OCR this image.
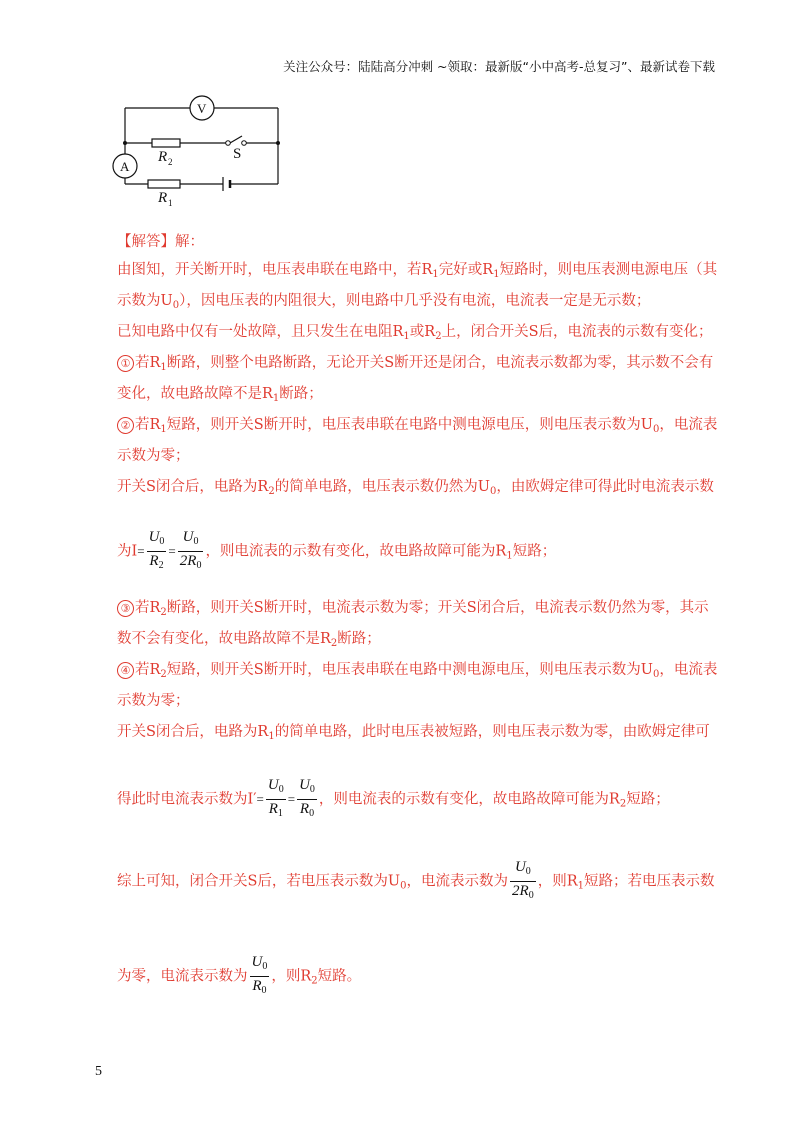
关注公众号：陆陆高分冲刺 ~领取：最新版“小中高考-总复习”、最新试卷下载
V
A
S
R 2
R 1
【解答】解：
由图知，开关断开时，电压表串联在电路中，若$R_1$完好或$R_1$短路时，则电压表测电源电压（其
示数为$U_0$），因电压表的内阻很大，则电路中几乎没有电流，电流表一定是无示数；
已知电路中仅有一处故障，且只发生在电阻$R_1$或$R_2$上，闭合开关S后，电流表的示数有变化；
① 若$R_1$断路，则整个电路断路，无论开关S断开还是闭合，电流表示数都为零，其示数不会有
变化，故电路故障不是$R_1$断路；
② 若$R_1$短路，则开关S断开时，电压表串联在电路中测电源电压，则电压表示数为$U_0$，电流表
示数为零；
开关S闭合后，电路为$R_2$的简单电路，电压表示数仍然为$U_0$，由欧姆定律可得此时电流表示数
为$I= \frac{U_0}{R_2} = \frac{U_0}{2R_0}$ ，则电流表的示数有变化，故电路故障可能为$R_1$短路；
③ 若$R_2$断路，则开关S断开时，电流表示数为零；开关S闭合后，电流表示数仍然为零，其示
数不会有变化，故电路故障不是$R_2$断路；
④ 若$R_2$短路，则开关S断开时，电压表串联在电路中测电源电压，则电压表示数为$U_0$，电流表
示数为零；
开关S闭合后，电路为$R_1$的简单电路，此时电压表被短路，则电压表示数为零，由欧姆定律可
得此时电流表示数为$I'= \frac{U_0}{R_1} = \frac{U_0}{R_0}$ ，则电流表的示数有变化，故电路故障可能为$R_2$短路；
综上可知，闭合开关S后，若电压表示数为$U_0$，电流表示数为 $\frac{U_0}{2R_0}$ ，则$R_1$短路；若电压表示数
为零，电流表示数为 $\frac{U_0}{R_0}$ ，则$R_2$短路。
5
